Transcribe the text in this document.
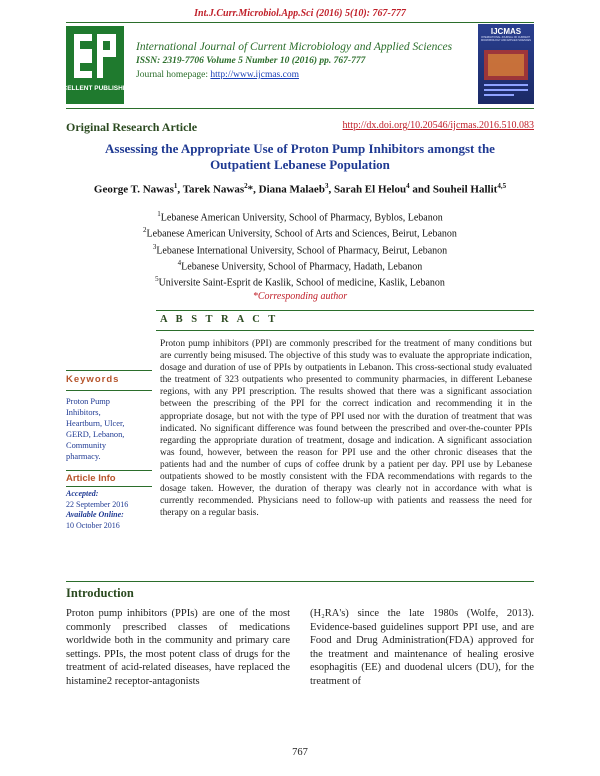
Int.J.Curr.Microbiol.App.Sci (2016) 5(10): 767-777
EXCELLENT PUBLISHERS
International Journal of Current Microbiology and Applied Sciences
ISSN: 2319-7706 Volume 5 Number 10 (2016) pp. 767-777
Journal homepage: http://www.ijcmas.com
IJCMAS
INTERNATIONAL JOURNAL OF CURRENT MICROBIOLOGY AND APPLIED SCIENCES
Original Research Article	http://dx.doi.org/10.20546/ijcmas.2016.510.083
Assessing the Appropriate Use of Proton Pump Inhibitors amongst the
Outpatient Lebanese Population
George T. Nawas$^1$, Tarek Nawas$^2$*, Diana Malaeb$^3$, Sarah El Helou$^4$ and Souheil Hallit$^{4,5}$
$^1$Lebanese American University, School of Pharmacy, Byblos, Lebanon
$^2$Lebanese American University, School of Arts and Sciences, Beirut, Lebanon
$^3$Lebanese International University, School of Pharmacy, Beirut, Lebanon
$^4$Lebanese University, School of Pharmacy, Hadath, Lebanon
$^5$Universite Saint-Esprit de Kaslik, School of medicine, Kaslik, Lebanon
*Corresponding author
A B S T R A C T
Proton pump inhibitors (PPI) are commonly prescribed for the treatment of many conditions but are currently being misused. The objective of this study was to evaluate the appropriate indication, dosage and duration of use of PPIs by outpatients in Lebanon. This cross-sectional study evaluated the treatment of 323 outpatients who presented to community pharmacies, in different Lebanese regions, with any PPI prescription. The results showed that there was a significant association between the prescribing of the PPI for the correct indication and recommending it in the appropriate dosage, but not with the type of PPI used nor with the duration of treatment that was indicated. No significant difference was found between the prescribed and over-the-counter PPIs regarding the appropriate duration of treatment, dosage and indication. A significant association was found, however, between the reason for PPI use and the other chronic diseases that the patients had and the number of cups of coffee drunk by a patient per day. PPI use by Lebanese outpatients showed to be mostly consistent with the FDA recommendations with regards to the dosage taken. However, the duration of therapy was clearly not in accordance with what is currently recommended. Physicians need to follow-up with patients and reassess the need for therapy on a regular basis.
Keywords
Proton Pump
Inhibitors,
Heartburn, Ulcer,
GERD, Lebanon,
Community
pharmacy.
Article Info
Accepted:
22 September 2016
Available Online:
10 October 2016
Introduction
Proton pump inhibitors (PPIs) are one of the most commonly prescribed classes of medications worldwide both in the community and primary care settings. PPIs, the most potent class of drugs for the treatment of acid-related diseases, have replaced the histamine2 receptor-antagonists
(H₂RA's) since the late 1980s (Wolfe, 2013). Evidence-based guidelines support PPI use, and are Food and Drug Administration(FDA) approved for the treatment and maintenance of healing erosive esophagitis (EE) and duodenal ulcers (DU), for the treatment of
767
